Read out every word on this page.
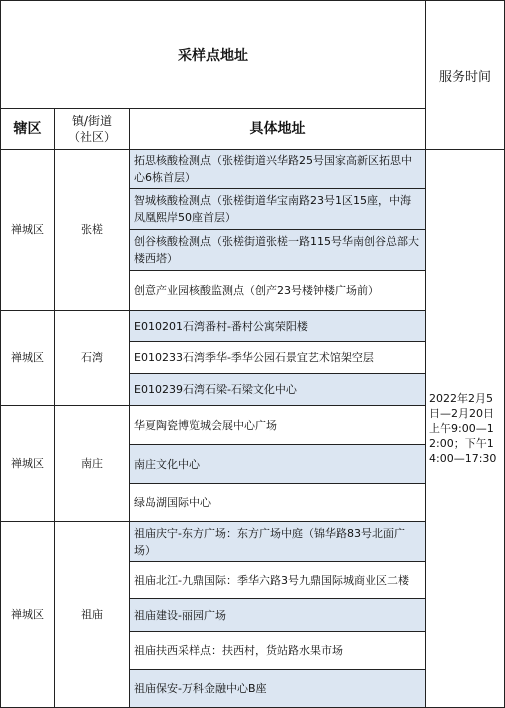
采样点地址
服务时间
辖区	镇/街道（社区）	具体地址
禅城区	张槎
拓思核酸检测点（张槎街道兴华路25号国家高新区拓思中心6栋首层）
智城核酸检测点（张槎街道华宝南路23号1区15座，中海凤凰熙岸50座首层）
创谷核酸检测点（张槎街道张槎一路115号华南创谷总部大楼西塔）
创意产业园核酸监测点（创产23号楼钟楼广场前）
禅城区	石湾
E010201石湾番村-番村公寓荣阳楼
E010233石湾季华-季华公园石景宜艺术馆架空层
E010239石湾石梁-石梁文化中心
禅城区	南庄
华夏陶瓷博览城会展中心广场
南庄文化中心
绿岛湖国际中心
禅城区	祖庙
祖庙庆宁-东方广场：东方广场中庭（锦华路83号北面广场）
祖庙北江-九鼎国际：季华六路3号九鼎国际城商业区二楼
祖庙建设-丽园广场
祖庙扶西采样点：扶西村，货站路水果市场
祖庙保安-万科金融中心B座
2022年2月5日—2月20日上午9:00—12:00；下午14:00—17:30
